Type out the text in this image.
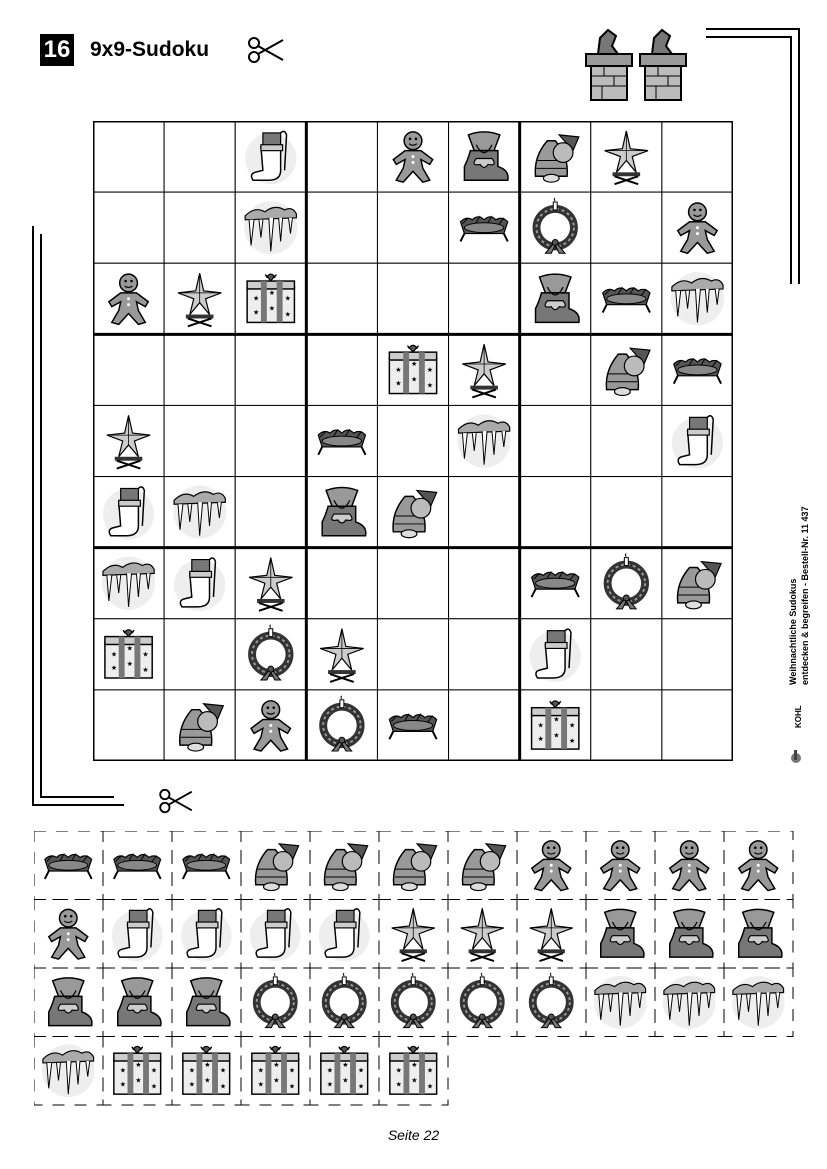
16 9x9-Sudoku
★
★
★
★
★
★
★
★
★
★
★
★
★
★
★
★
★
★
★
★
★
★
★
★
★
★
★
★
★
★
★
★
★
★
★
★
★
★
★
★
★
★
★
★
★
★
★
★
★
★
★
★
★
★
Weihnachtliche Sudokus entdecken & begreifen - Bestell-Nr. 11 437
KOHL
Seite 22
